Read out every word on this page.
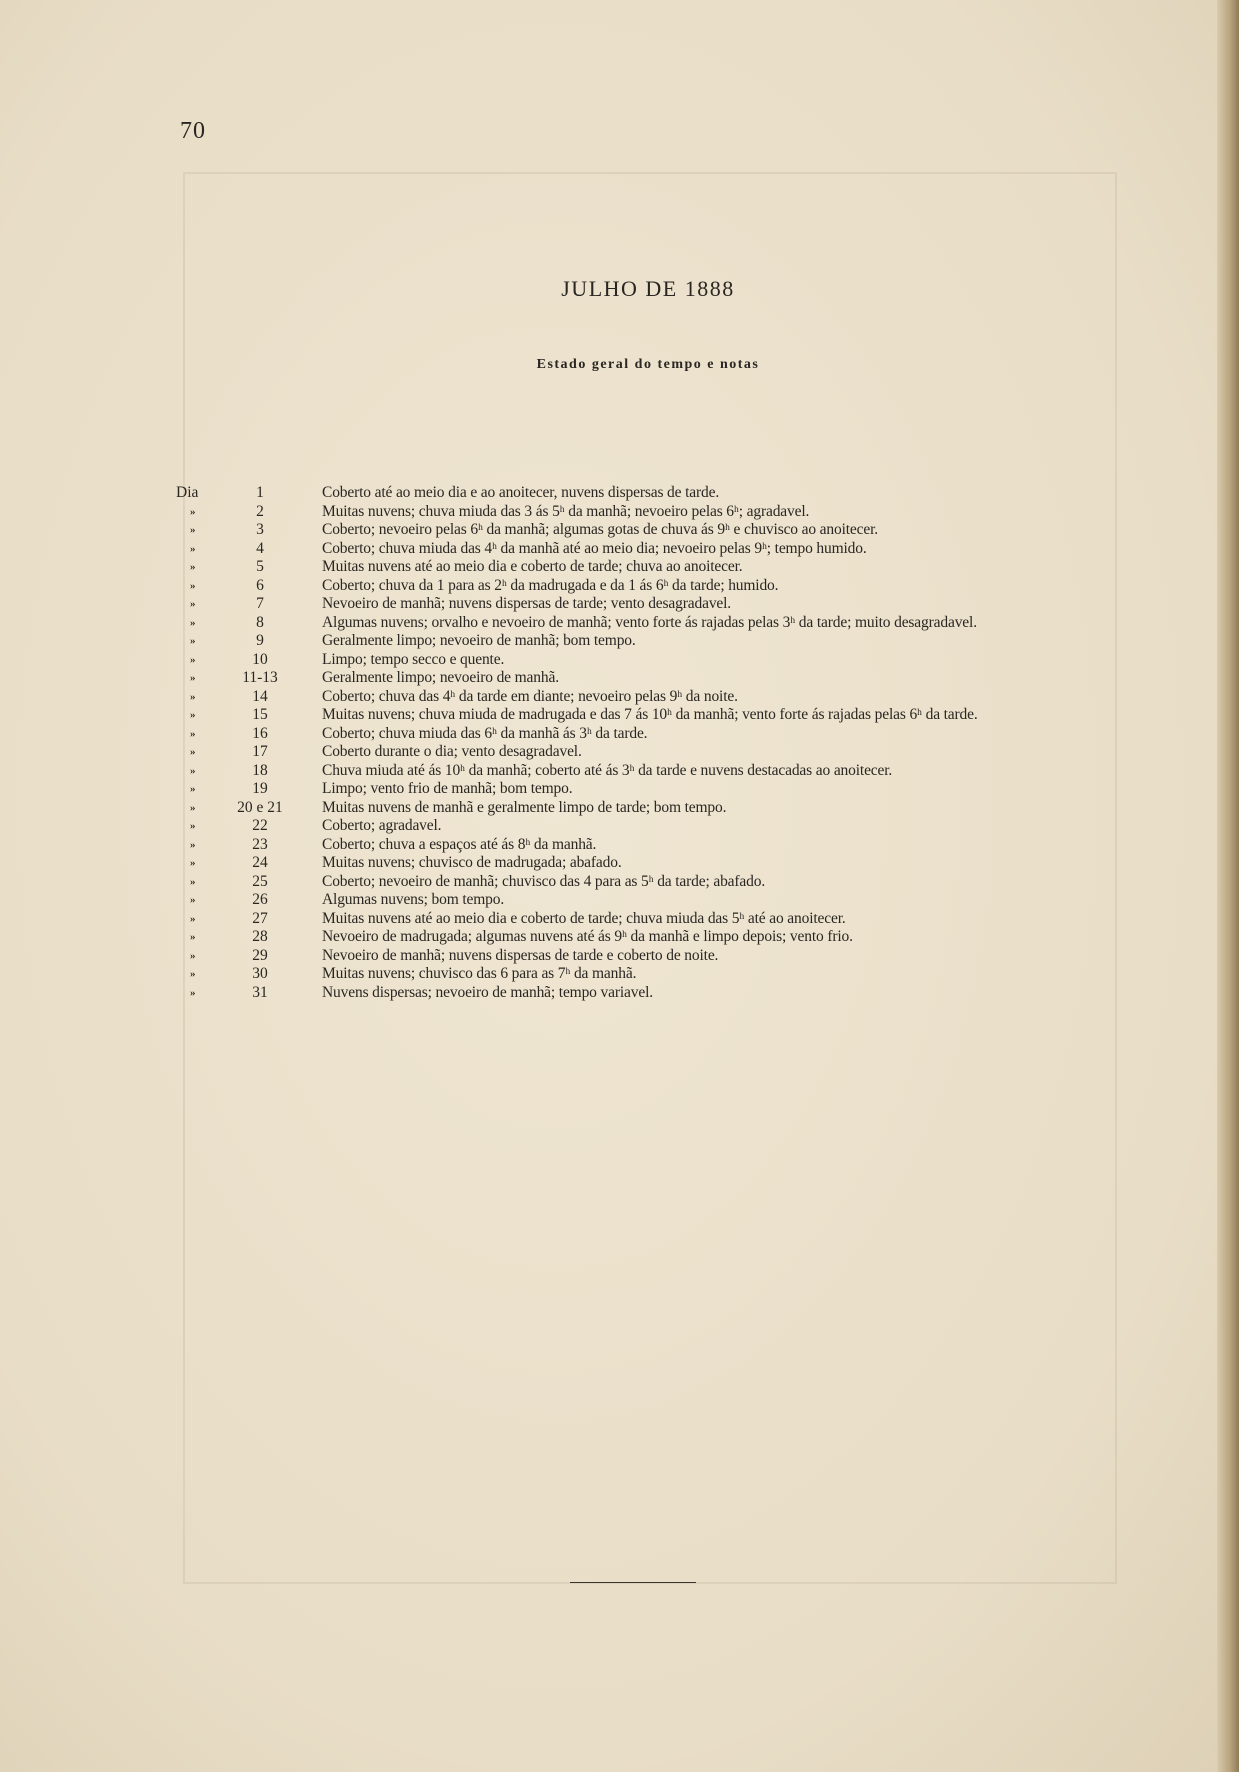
70
JULHO DE 1888
Estado geral do tempo e notas
Dia	1	Coberto até ao meio dia e ao anoitecer, nuvens dispersas de tarde.
»	2	Muitas nuvens; chuva miuda das 3 ás 5ʰ da manhã; nevoeiro pelas 6ʰ; agradavel.
»	3	Coberto; nevoeiro pelas 6ʰ da manhã; algumas gotas de chuva ás 9ʰ e chuvisco ao anoitecer.
»	4	Coberto; chuva miuda das 4ʰ da manhã até ao meio dia; nevoeiro pelas 9ʰ; tempo humido.
»	5	Muitas nuvens até ao meio dia e coberto de tarde; chuva ao anoitecer.
»	6	Coberto; chuva da 1 para as 2ʰ da madrugada e da 1 ás 6ʰ da tarde; humido.
»	7	Nevoeiro de manhã; nuvens dispersas de tarde; vento desagradavel.
»	8	Algumas nuvens; orvalho e nevoeiro de manhã; vento forte ás rajadas pelas 3ʰ da tarde; muito desagradavel.
»	9	Geralmente limpo; nevoeiro de manhã; bom tempo.
»	10	Limpo; tempo secco e quente.
»	11-13	Geralmente limpo; nevoeiro de manhã.
»	14	Coberto; chuva das 4ʰ da tarde em diante; nevoeiro pelas 9ʰ da noite.
»	15	Muitas nuvens; chuva miuda de madrugada e das 7 ás 10ʰ da manhã; vento forte ás rajadas pelas 6ʰ da tarde.
»	16	Coberto; chuva miuda das 6ʰ da manhã ás 3ʰ da tarde.
»	17	Coberto durante o dia; vento desagradavel.
»	18	Chuva miuda até ás 10ʰ da manhã; coberto até ás 3ʰ da tarde e nuvens destacadas ao anoitecer.
»	19	Limpo; vento frio de manhã; bom tempo.
»	20 e 21	Muitas nuvens de manhã e geralmente limpo de tarde; bom tempo.
»	22	Coberto; agradavel.
»	23	Coberto; chuva a espaços até ás 8ʰ da manhã.
»	24	Muitas nuvens; chuvisco de madrugada; abafado.
»	25	Coberto; nevoeiro de manhã; chuvisco das 4 para as 5ʰ da tarde; abafado.
»	26	Algumas nuvens; bom tempo.
»	27	Muitas nuvens até ao meio dia e coberto de tarde; chuva miuda das 5ʰ até ao anoitecer.
»	28	Nevoeiro de madrugada; algumas nuvens até ás 9ʰ da manhã e limpo depois; vento frio.
»	29	Nevoeiro de manhã; nuvens dispersas de tarde e coberto de noite.
»	30	Muitas nuvens; chuvisco das 6 para as 7ʰ da manhã.
»	31	Nuvens dispersas; nevoeiro de manhã; tempo variavel.
